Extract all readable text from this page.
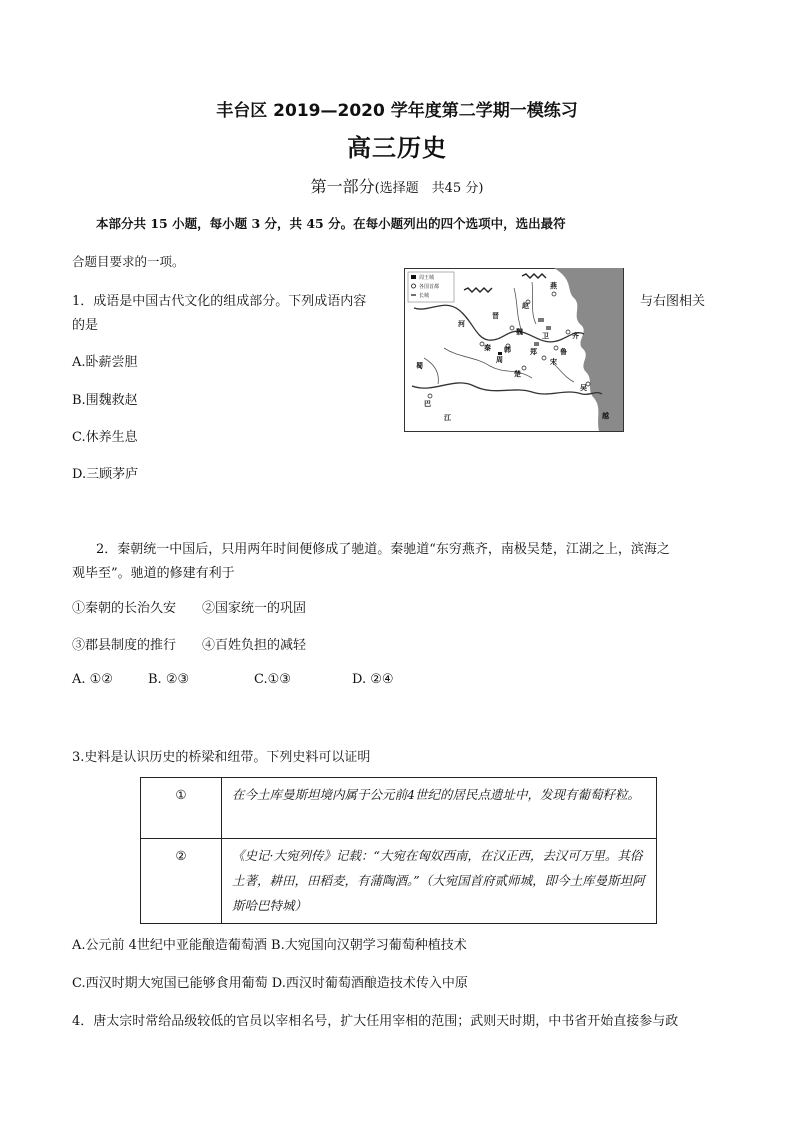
丰台区 2019—2020 学年度第二学期一模练习
高三历史
第一部分(选择题　共45 分)
本部分共 15 小题，每小题 3 分，共 45 分。在每小题列出的四个选项中，选出最符
合题目要求的一项。
1．成语是中国古代文化的组成部分。下列成语内容	与右图相关
的是
A.卧薪尝胆
B.围魏救赵
C.休养生息
D.三顾茅庐
周王城
各国首都
长城
秦
魏
赵
燕
齐
楚
韩	鲁
宋
卫
郑
吴
越
巴
蜀
晋
周
河
江
2．秦朝统一中国后，只用两年时间便修成了驰道。秦驰道“东穷燕齐，南极吴楚，江湖之上，滨海之
观毕至”。驰道的修建有利于
①秦朝的长治久安　　②国家统一的巩固
③郡县制度的推行　　④百姓负担的减轻
A. ①②	B. ②③	C.①③	D. ②④
3.史料是认识历史的桥梁和纽带。下列史料可以证明
①	在今土库曼斯坦境内属于公元前4世纪的居民点遗址中，发现有葡萄籽粒。
②	《史记·大宛列传》记载：“大宛在匈奴西南，在汉正西，去汉可万里。其俗土著，耕田，田稻麦，有蒲陶酒。”（大宛国首府贰师城，即今土库曼斯坦阿斯哈巴特城）
A.公元前 4世纪中亚能酿造葡萄酒 B.大宛国向汉朝学习葡萄种植技术
C.西汉时期大宛国已能够食用葡萄 D.西汉时葡萄酒酿造技术传入中原
4．唐太宗时常给品级较低的官员以宰相名号，扩大任用宰相的范围；武则天时期，中书省开始直接参与政
